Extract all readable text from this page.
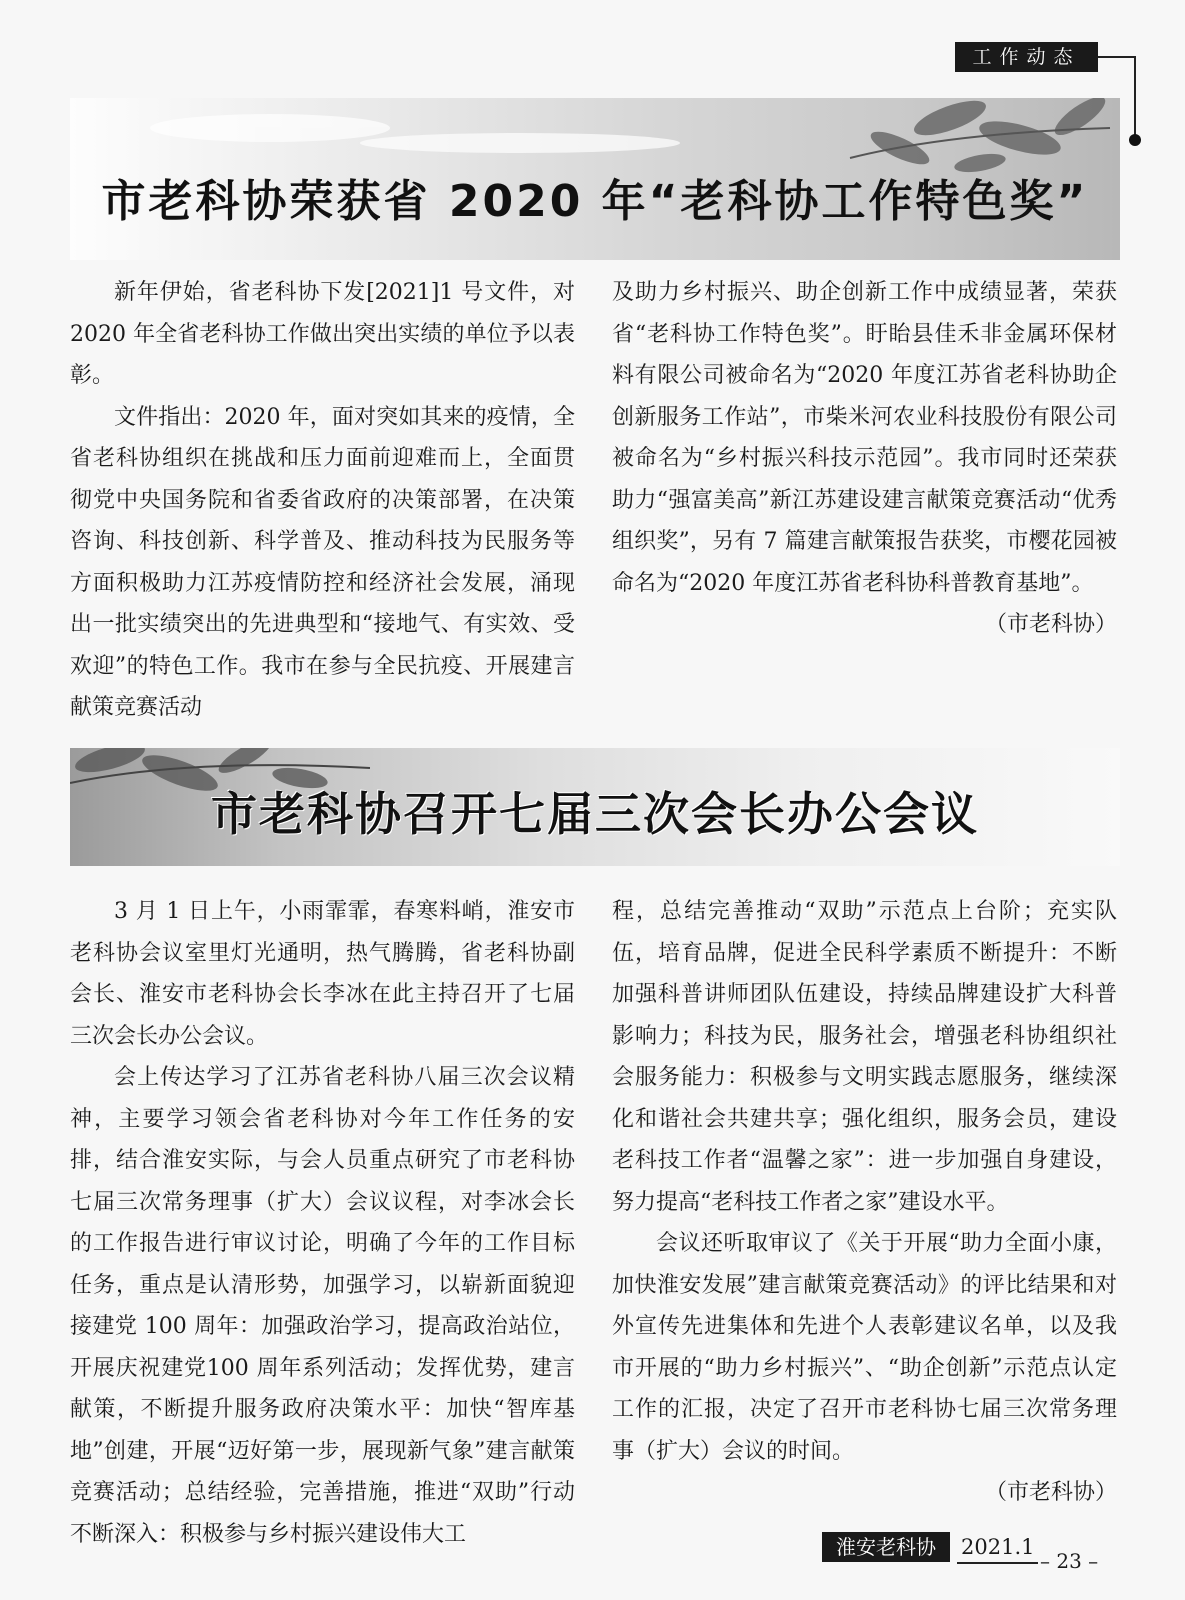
工作动态
市老科协荣获省 2020 年“老科协工作特色奖”

新年伊始，省老科协下发[2021]1 号文件，对2020 年全省老科协工作做出突出实绩的单位予以表彰。

文件指出：2020 年，面对突如其来的疫情，全省老科协组织在挑战和压力面前迎难而上，全面贯彻党中央国务院和省委省政府的决策部署，在决策咨询、科技创新、科学普及、推动科技为民服务等方面积极助力江苏疫情防控和经济社会发展，涌现出一批实绩突出的先进典型和“接地气、有实效、受欢迎”的特色工作。我市在参与全民抗疫、开展建言献策竞赛活动

及助力乡村振兴、助企创新工作中成绩显著，荣获省“老科协工作特色奖”。盱眙县佳禾非金属环保材料有限公司被命名为“2020 年度江苏省老科协助企创新服务工作站”，市柴米河农业科技股份有限公司被命名为“乡村振兴科技示范园”。我市同时还荣获助力“强富美高”新江苏建设建言献策竞赛活动“优秀组织奖”，另有 7 篇建言献策报告获奖，市樱花园被命名为“2020 年度江苏省老科协科普教育基地”。

（市老科协）

市老科协召开七届三次会长办公会议

3 月 1 日上午，小雨霏霏，春寒料峭，淮安市老科协会议室里灯光通明，热气腾腾，省老科协副会长、淮安市老科协会长李冰在此主持召开了七届三次会长办公会议。

会上传达学习了江苏省老科协八届三次会议精神，主要学习领会省老科协对今年工作任务的安排，结合淮安实际，与会人员重点研究了市老科协七届三次常务理事（扩大）会议议程，对李冰会长的工作报告进行审议讨论，明确了今年的工作目标任务，重点是认清形势，加强学习，以崭新面貌迎接建党 100 周年：加强政治学习，提高政治站位，开展庆祝建党100 周年系列活动；发挥优势，建言献策，不断提升服务政府决策水平：加快“智库基地”创建，开展“迈好第一步，展现新气象”建言献策竞赛活动；总结经验，完善措施，推进“双助”行动不断深入：积极参与乡村振兴建设伟大工

程，总结完善推动“双助”示范点上台阶；充实队伍，培育品牌，促进全民科学素质不断提升：不断加强科普讲师团队伍建设，持续品牌建设扩大科普影响力；科技为民，服务社会，增强老科协组织社会服务能力：积极参与文明实践志愿服务，继续深化和谐社会共建共享；强化组织，服务会员，建设老科技工作者“温馨之家”：进一步加强自身建设，努力提高“老科技工作者之家”建设水平。

会议还听取审议了《关于开展“助力全面小康，加快淮安发展”建言献策竞赛活动》的评比结果和对外宣传先进集体和先进个人表彰建议名单，以及我市开展的“助力乡村振兴”、“助企创新”示范点认定工作的汇报，决定了召开市老科协七届三次常务理事（扩大）会议的时间。

（市老科协）

淮安老科协	2021.1
– 23 –
